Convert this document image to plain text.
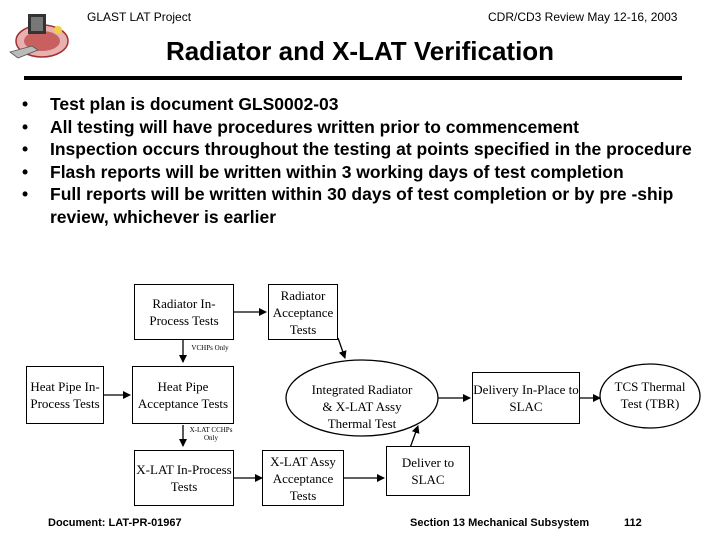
GLAST LAT Project	CDR/CD3 Review May 12-16, 2003
Radiator and X-LAT Verification
• Test plan is document GLS0002-03
• All testing will have procedures written prior to commencement
• Inspection occurs throughout the testing at points specified in the procedure
• Flash reports will be written within 3 working days of test completion
• Full reports will be written within 30 days of test completion or by pre -ship review, whichever is earlier
Radiator In-Process Tests
Radiator Acceptance Tests
VCHPs Only
Heat Pipe In-Process Tests
Heat Pipe Acceptance Tests
X-LAT CCHPs Only
Integrated Radiator & X-LAT Assy Thermal Test
Delivery In-Place to SLAC
TCS Thermal Test (TBR)
X-LAT In-Process Tests
X-LAT Assy Acceptance Tests
Deliver to SLAC
Document: LAT-PR-01967	Section 13 Mechanical Subsystem	112
